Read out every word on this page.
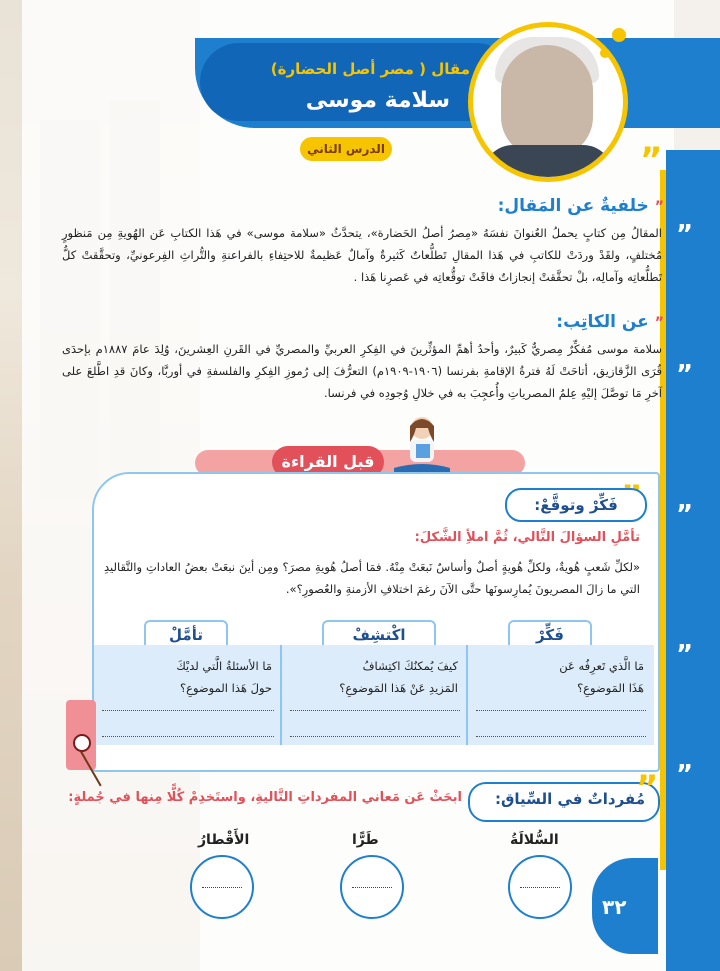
”
”
”
”
”
”
مقال ( مصر أصل الحضارة)
سلامة موسى
الدرس الثاني
”خلفيةٌ عن المَقال:
المقالُ مِن كتابٍ يحملُ العُنوانَ نفسَهُ «مِصرُ أصلُ الحَضارة»، يتحدَّثُ «سلامة موسى» في هَذا الكتابِ عَن الهُويةِ مِن مَنظورٍ مُختلفٍ، ولقَدْ وردَتْ للكاتبِ في هَذا المقالِ تَطلُّعاتٌ كَثيرةٌ وآمالٌ عَظيمةٌ للاحتِفاءِ بالفراعنةِ والتُّراثِ الفِرعونيِّ، وتحقَّقتْ كلُّ تَطلُّعاتِه وآمالِه، بلْ تحقَّقتْ إنجازاتٌ فاقَتْ توقُّعاتِه في عَصرِنا هَذا .
”عن الكاتِب:
سلامة موسى مُفكِّرٌ مِصريٌّ كَبيرٌ، وأحدُ أهمِّ المؤثِّرينَ في الفِكرِ العربيِّ والمصريِّ في القَرنِ العِشرينَ، وُلِدَ عامَ ١٨٨٧م بإحدَى قُرَى الزَّقازيق، أتاحَتْ لَهُ فترةُ الإقامةِ بفرنسا (١٩٠٦-١٩٠٩م) التعرُّفَ إلى رُموزِ الفِكرِ والفلسفةِ في أوربَّا، وكانَ قدِ اطَّلعَ على آخرِ مَا توصَّلَ إليْهِ عِلمُ المصرياتِ وأُعجِبَ به في خلالِ وُجودِه في فرنسا.
قبل القراءة
فَكِّرْ وتوقَّعْ:
تأمَّلِ السؤالَ التَّالي، ثُمَّ املأِ الشَّكلَ:
«لكلِّ شَعبٍ هُويةٌ، ولكلِّ هُويةٍ أصلٌ وأساسٌ نَبعَتْ مِنْهُ. فمَا أصلُ هُويةِ مصرَ؟ ومِن أينَ نبعَتْ بعضُ العاداتِ والتَّقاليدِ التي ما زالَ المصريونَ يُمارِسونَها حتَّى الآنَ رغمَ اختلافِ الأزمنةِ والعُصورِ؟».
فَكِّرْ
اكْتشِفْ
تأمَّلْ
مَا الَّذي تَعرِفُه عَن
هَذَا المَوضوعِ؟
كيفَ يُمكنُكَ اكتِشافُ
المَزيدِ عَنْ هَذا المَوضوعِ؟
مَا الأسئلةُ الَّتي لديْكَ
حولَ هَذا الموضوعِ؟
”
مُفرداتٌ في السِّياق:
ابحَثْ عَن مَعاني المفرداتِ التَّاليةِ، واستَخدِمْ كُلًّا مِنها في جُملةٍ:
السُّلالَةُ
طَرًّا
الأَقْطارُ
٣٢
